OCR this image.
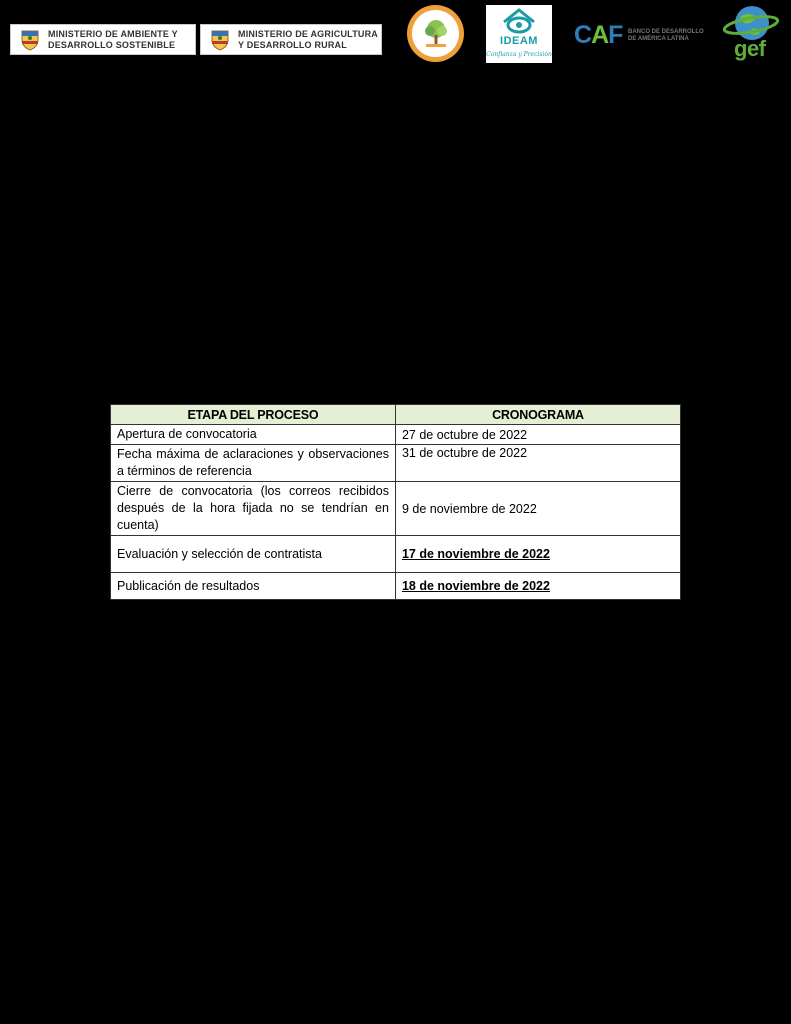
MINISTERIO DE AMBIENTE Y
DESARROLLO SOSTENIBLE
MINISTERIO DE AGRICULTURA
Y DESARROLLO RURAL	IDEAM
Confianza y Precisión
CAF BANCO DE DESARROLLO
DE AMÉRICA LATINA	gef
ETAPA DEL PROCESO	CRONOGRAMA
Apertura de convocatoria	27 de octubre de 2022
Fecha máxima de aclaraciones y observaciones a términos de referencia	31 de octubre de 2022
Cierre de convocatoria (los correos recibidos después de la hora fijada no se tendrían en cuenta)	9 de noviembre de 2022
Evaluación y selección de contratista	17 de noviembre de 2022
Publicación de resultados	18 de noviembre de 2022
